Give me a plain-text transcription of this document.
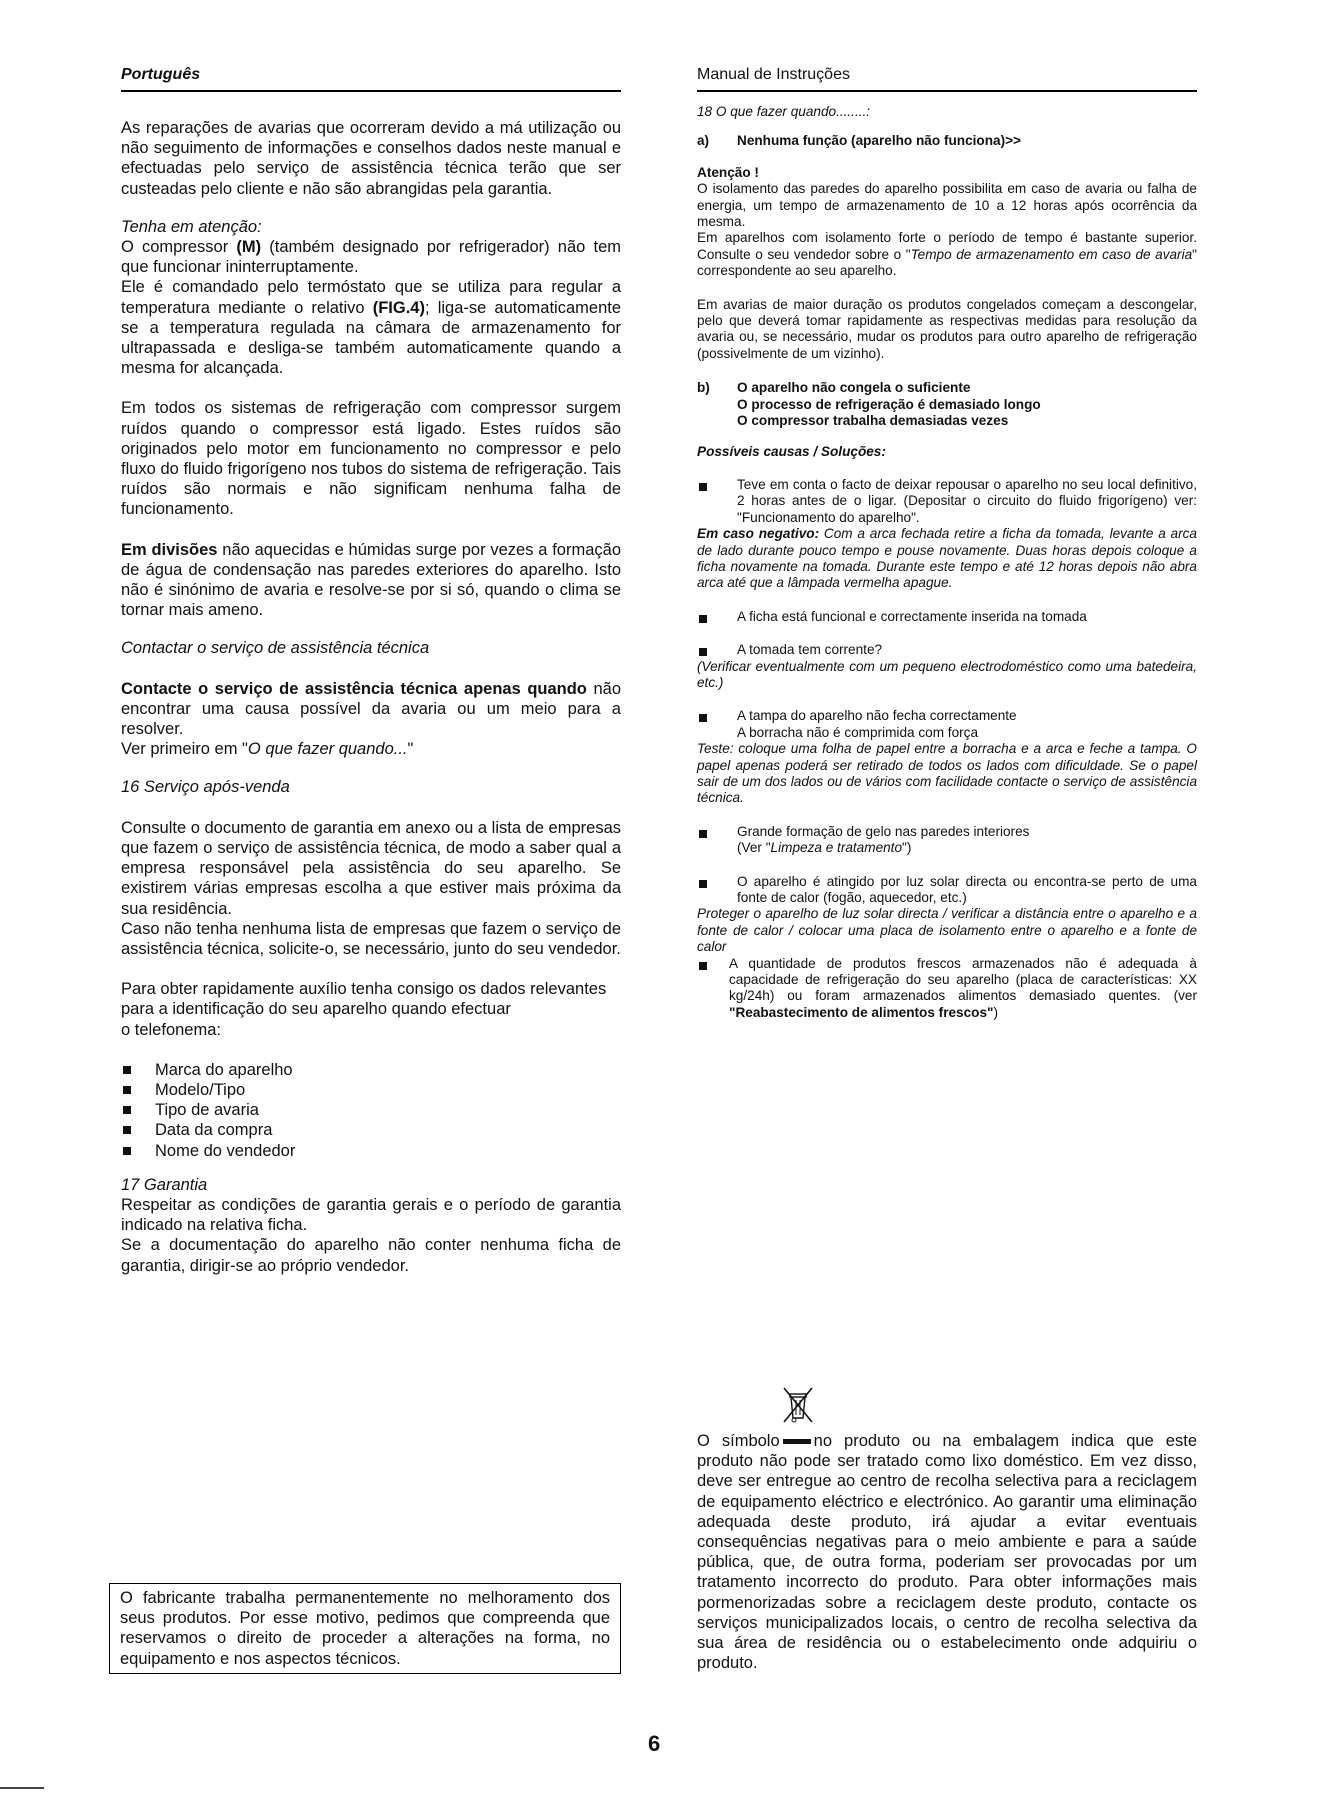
Português

As reparações de avarias que ocorreram devido a má utilização ou não seguimento de informações e conselhos dados neste manual e efectuadas pelo serviço de assistência técnica terão que ser custeadas pelo cliente e não são abrangidas pela garantia.

Tenha em atenção:

O compressor (M) (também designado por refrigerador) não tem que funcionar ininterruptamente.

Ele é comandado pelo termóstato que se utiliza para regular a temperatura mediante o relativo (FIG.4); liga-se automaticamente se a temperatura regulada na câmara de armazenamento for ultrapassada e desliga-se também automaticamente quando a mesma for alcançada.

Em todos os sistemas de refrigeração com compressor surgem ruídos quando o compressor está ligado. Estes ruídos são originados pelo motor em funcionamento no compressor e pelo fluxo do fluido frigorígeno nos tubos do sistema de refrigeração. Tais ruídos são normais e não significam nenhuma falha de funcionamento.

Em divisões não aquecidas e húmidas surge por vezes a formação de água de condensação nas paredes exteriores do aparelho. Isto não é sinónimo de avaria e resolve-se por si só, quando o clima se tornar mais ameno.

Contactar o serviço de assistência técnica

Contacte o serviço de assistência técnica apenas quando não encontrar uma causa possível da avaria ou um meio para a resolver.

Ver primeiro em "O que fazer quando..."

16 Serviço após-venda

Consulte o documento de garantia em anexo ou a lista de empresas que fazem o serviço de assistência técnica, de modo a saber qual a empresa responsável pela assistência do seu aparelho. Se existirem várias empresas escolha a que estiver mais próxima da sua residência.

Caso não tenha nenhuma lista de empresas que fazem o serviço de assistência técnica, solicite-o, se necessário, junto do seu vendedor.

Para obter rapidamente auxílio tenha consigo os dados relevantes para a identificação do seu aparelho quando efectuar

o telefonema:

Marca do aparelho
Modelo/Tipo
Tipo de avaria
Data da compra
Nome do vendedor

17 Garantia

Respeitar as condições de garantia gerais e o período de garantia indicado na relativa ficha.

Se a documentação do aparelho não conter nenhuma ficha de garantia, dirigir-se ao próprio vendedor.

O fabricante trabalha permanentemente no melhoramento dos seus produtos. Por esse motivo, pedimos que compreenda que reservamos o direito de proceder a alterações na forma, no equipamento e nos aspectos técnicos.
Manual de Instruções

18 O que fazer quando........:

a) Nenhuma função (aparelho não funciona)>>

Atenção !

O isolamento das paredes do aparelho possibilita em caso de avaria ou falha de energia, um tempo de armazenamento de 10 a 12 horas após ocorrência da mesma.

Em aparelhos com isolamento forte o período de tempo é bastante superior. Consulte o seu vendedor sobre o "Tempo de armazenamento em caso de avaria" correspondente ao seu aparelho.

Em avarias de maior duração os produtos congelados começam a descongelar, pelo que deverá tomar rapidamente as respectivas medidas para resolução da avaria ou, se necessário, mudar os produtos para outro aparelho de refrigeração (possivelmente de um vizinho).

b) O aparelho não congela o suficiente
O processo de refrigeração é demasiado longo
O compressor trabalha demasiadas vezes

Possíveis causas / Soluções:

Teve em conta o facto de deixar repousar o aparelho no seu local definitivo, 2 horas antes de o ligar. (Depositar o circuito do fluido frigorígeno) ver: "Funcionamento do aparelho".

Em caso negativo: Com a arca fechada retire a ficha da tomada, levante a arca de lado durante pouco tempo e pouse novamente. Duas horas depois coloque a ficha novamente na tomada. Durante este tempo e até 12 horas depois não abra arca até que a lâmpada vermelha apague.

A ficha está funcional e correctamente inserida na tomada
A tomada tem corrente?

(Verificar eventualmente com um pequeno electrodoméstico como uma batedeira, etc.)

A tampa do aparelho não fecha correctamente
A borracha não é comprimida com força

Teste: coloque uma folha de papel entre a borracha e a arca e feche a tampa. O papel apenas poderá ser retirado de todos os lados com dificuldade. Se o papel sair de um dos lados ou de vários com facilidade contacte o serviço de assistência técnica.

Grande formação de gelo nas paredes interiores
(Ver "Limpeza e tratamento")
O aparelho é atingido por luz solar directa ou encontra-se perto de uma fonte de calor (fogão, aquecedor, etc.)

Proteger o aparelho de luz solar directa / verificar a distância entre o aparelho e a fonte de calor / colocar uma placa de isolamento entre o aparelho e a fonte de calor

A quantidade de produtos frescos armazenados não é adequada à capacidade de refrigeração do seu aparelho (placa de características: XX kg/24h) ou foram armazenados alimentos demasiado quentes. (ver "Reabastecimento de alimentos frescos")
O símbolo no produto ou na embalagem indica que este produto não pode ser tratado como lixo doméstico. Em vez disso, deve ser entregue ao centro de recolha selectiva para a reciclagem de equipamento eléctrico e electrónico. Ao garantir uma eliminação adequada deste produto, irá ajudar a evitar eventuais consequências negativas para o meio ambiente e para a saúde pública, que, de outra forma, poderiam ser provocadas por um tratamento incorrecto do produto. Para obter informações mais pormenorizadas sobre a reciclagem deste produto, contacte os serviços municipalizados locais, o centro de recolha selectiva da sua área de residência ou o estabelecimento onde adquiriu o produto.
6
